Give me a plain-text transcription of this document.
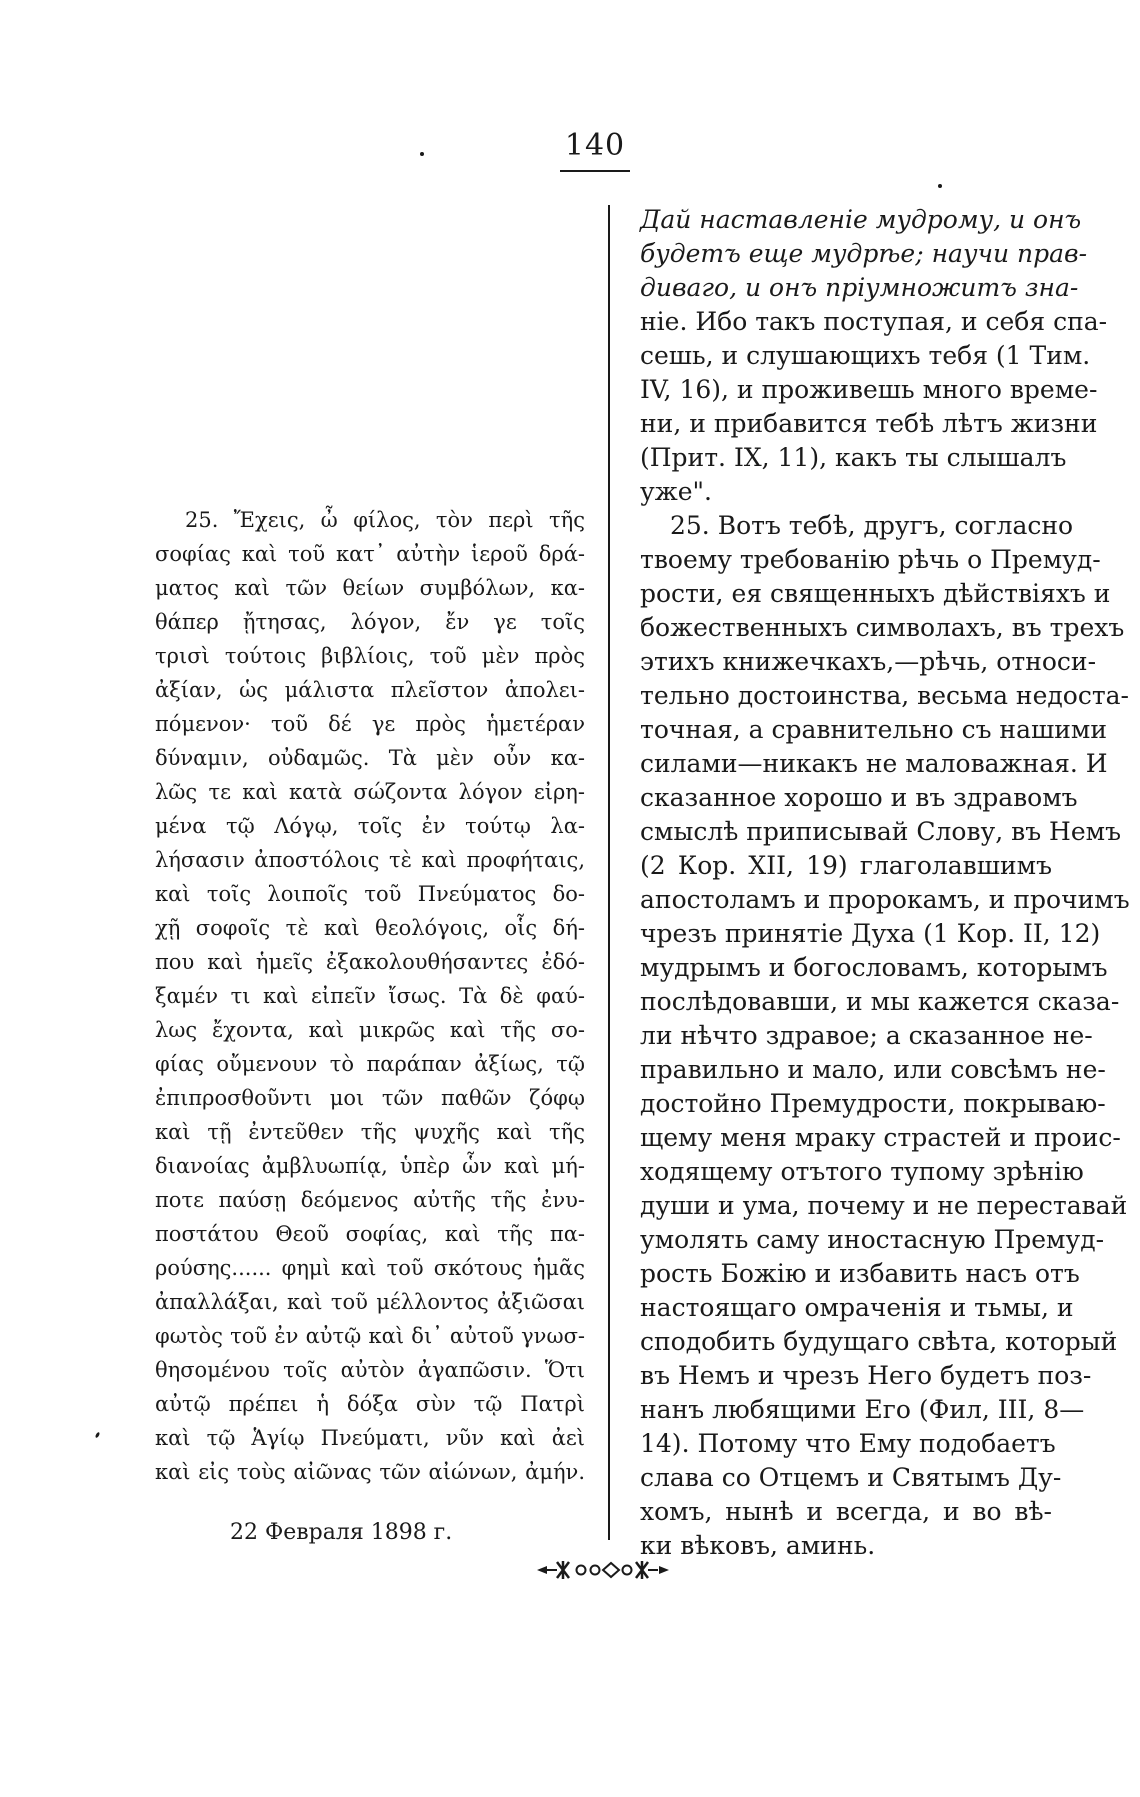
140
25. Ἔχεις, ὦ φίλος, τὸν περὶ τῆς
σοφίας καὶ τοῦ κατ᾽ αὐτὴν ἱεροῦ δρά-
ματος καὶ τῶν θείων συμβόλων, κα-
θάπερ ᾔτησας, λόγον, ἔν γε τοῖς
τρισὶ τούτοις βιβλίοις, τοῦ μὲν πρὸς
ἀξίαν, ὡς μάλιστα πλεῖστον ἀπολει-
πόμενον· τοῦ δέ γε πρὸς ἡμετέραν
δύναμιν, οὐδαμῶς. Τὰ μὲν οὖν κα-
λῶς τε καὶ κατὰ σώζοντα λόγον εἰρη-
μένα τῷ Λόγῳ, τοῖς ἐν τούτῳ λα-
λήσασιν ἀποστόλοις τὲ καὶ προφήταις,
καὶ τοῖς λοιποῖς τοῦ Πνεύματος δο-
χῇ σοφοῖς τὲ καὶ θεολόγοις, οἷς δή-
που καὶ ἡμεῖς ἐξακολουθήσαντες ἐδό-
ξαμέν τι καὶ εἰπεῖν ἴσως. Τὰ δὲ φαύ-
λως ἔχοντα, καὶ μικρῶς καὶ τῆς σο-
φίας οὔμενουν τὸ παράπαν ἀξίως, τῷ
ἐπιπροσθοῦντι μοι τῶν παθῶν ζόφῳ
καὶ τῇ ἐντεῦθεν τῆς ψυχῆς καὶ τῆς
διανοίας ἀμβλυωπίᾳ, ὑπὲρ ὧν καὶ μή-
ποτε παύσῃ δεόμενος αὐτῆς τῆς ἐνυ-
ποστάτου Θεοῦ σοφίας, καὶ τῆς πα-
ρούσης...... φημὶ καὶ τοῦ σκότους ἡμᾶς
ἀπαλλάξαι, καὶ τοῦ μέλλοντος ἀξιῶσαι
φωτὸς τοῦ ἐν αὐτῷ καὶ δι᾽ αὐτοῦ γνωσ-
θησομένου τοῖς αὐτὸν ἀγαπῶσιν. Ὅτι
αὐτῷ πρέπει ἡ δόξα σὺν τῷ Πατρὶ
καὶ τῷ Ἁγίῳ Πνεύματι, νῦν καὶ ἀεὶ
καὶ εἰς τοὺς αἰῶνας τῶν αἰώνων, ἀμήν.
22 Февраля 1898 г.
Дай наставленіе мудрому, и онъ
будетъ еще мудрѣе; научи прав-
диваго, и онъ пріумножитъ зна-
ніе. Ибо такъ поступая, и себя спа-
сешь, и слушающихъ тебя (1 Тим.
IV, 16), и проживешь много време-
ни, и прибавится тебѣ лѣтъ жизни
(Прит. IX, 11), какъ ты слышалъ
уже".
25. Вотъ тебѣ, другъ, согласно
твоему требованію рѣчь о Премуд-
рости, ея священныхъ дѣйствіяхъ и
божественныхъ символахъ, въ трехъ
этихъ книжечкахъ,—рѣчь, относи-
тельно достоинства, весьма недоста-
точная, а сравнительно съ нашими
силами—никакъ не маловажная. И
сказанное хорошо и въ здравомъ
смыслѣ приписывай Слову, въ Немъ
(2 Кор. XII, 19) глаголавшимъ
апостоламъ и пророкамъ, и прочимъ
чрезъ принятіе Духа (1 Кор. II, 12)
мудрымъ и богословамъ, которымъ
послѣдовавши, и мы кажется сказа-
ли нѣчто здравое; а сказанное не-
правильно и мало, или совсѣмъ не-
достойно Премудрости, покрываю-
щему меня мраку страстей и проис-
ходящему отътого тупому зрѣнію
души и ума, почему и не переставай
умолять саму иностасную Премуд-
рость Божію и избавить насъ отъ
настоящаго омраченія и тьмы, и
сподобить будущаго свѣта, который
въ Немъ и чрезъ Него будетъ поз-
нанъ любящими Его (Фил, III, 8—
14). Потому что Ему подобаетъ
слава со Отцемъ и Святымъ Ду-
хомъ, нынѣ и всегда, и во вѣ-
ки вѣковъ, аминь.
